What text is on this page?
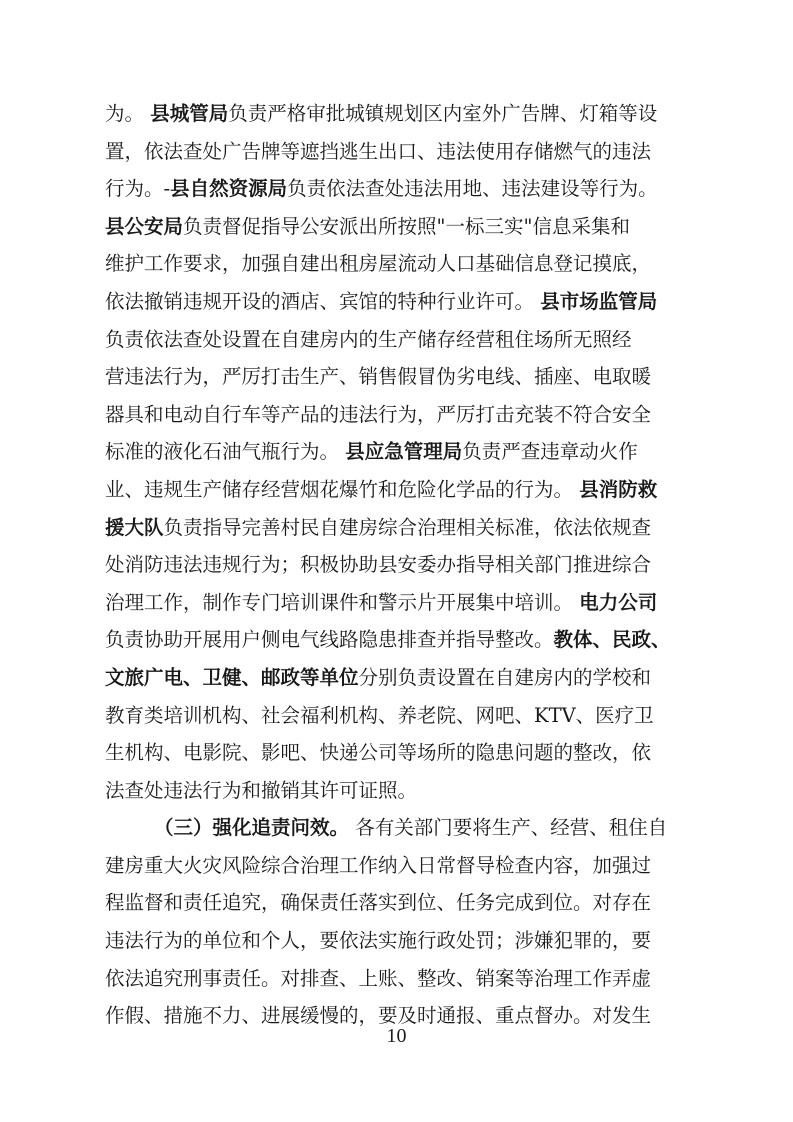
为。 县城管局负责严格审批城镇规划区内室外广告牌、灯箱等设
置，依法查处广告牌等遮挡逃生出口、违法使用存储燃气的违法
行为。-县自然资源局负责依法查处违法用地、违法建设等行为。
县公安局负责督促指导公安派出所按照"一标三实"信息采集和
维护工作要求，加强自建出租房屋流动人口基础信息登记摸底，
依法撤销违规开设的酒店、宾馆的特种行业许可。 县市场监管局
负责依法查处设置在自建房内的生产储存经营租住场所无照经
营违法行为，严厉打击生产、销售假冒伪劣电线、插座、电取暖
器具和电动自行车等产品的违法行为，严厉打击充装不符合安全
标准的液化石油气瓶行为。 县应急管理局负责严查违章动火作
业、违规生产储存经营烟花爆竹和危险化学品的行为。 县消防救
援大队负责指导完善村民自建房综合治理相关标准，依法依规查
处消防违法违规行为；积极协助县安委办指导相关部门推进综合
治理工作，制作专门培训课件和警示片开展集中培训。 电力公司
负责协助开展用户侧电气线路隐患排查并指导整改。教体、民政、
文旅广电、卫健、邮政等单位分别负责设置在自建房内的学校和
教育类培训机构、社会福利机构、养老院、网吧、KTV、医疗卫
生机构、电影院、影吧、快递公司等场所的隐患问题的整改，依
法查处违法行为和撤销其许可证照。
（三）强化追责问效。 各有关部门要将生产、经营、租住自
建房重大火灾风险综合治理工作纳入日常督导检查内容，加强过
程监督和责任追究，确保责任落实到位、任务完成到位。对存在
违法行为的单位和个人，要依法实施行政处罚；涉嫌犯罪的，要
依法追究刑事责任。对排查、上账、整改、销案等治理工作弄虚
作假、措施不力、进展缓慢的，要及时通报、重点督办。对发生
10
